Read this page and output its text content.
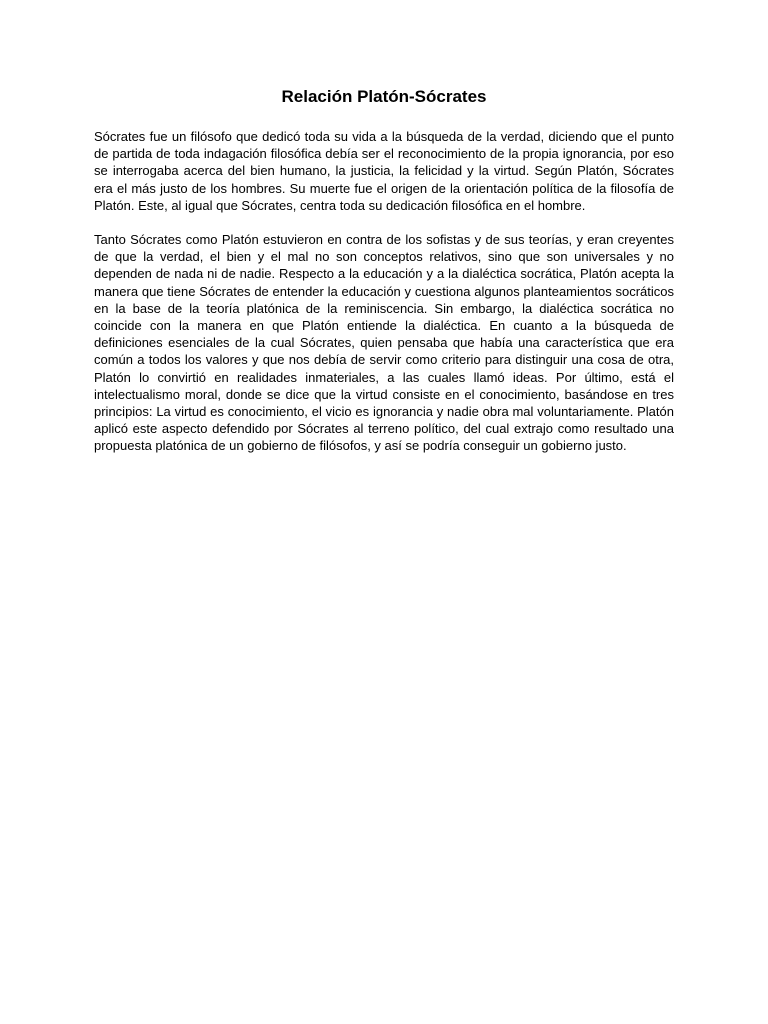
Relación Platón-Sócrates

Sócrates fue un filósofo que dedicó toda su vida a la búsqueda de la verdad, diciendo que el punto de partida de toda indagación filosófica debía ser el reconocimiento de la propia ignorancia, por eso se interrogaba acerca del bien humano, la justicia, la felicidad y la virtud. Según Platón, Sócrates era el más justo de los hombres. Su muerte fue el origen de la orientación política de la filosofía de Platón. Este, al igual que Sócrates, centra toda su dedicación filosófica en el hombre.

Tanto Sócrates como Platón estuvieron en contra de los sofistas y de sus teorías, y eran creyentes de que la verdad, el bien y el mal no son conceptos relativos, sino que son universales y no dependen de nada ni de nadie. Respecto a la educación y a la dialéctica socrática, Platón acepta la manera que tiene Sócrates de entender la educación y cuestiona algunos planteamientos socráticos en la base de la teoría platónica de la reminiscencia. Sin embargo, la dialéctica socrática no coincide con la manera en que Platón entiende la dialéctica. En cuanto a la búsqueda de definiciones esenciales de la cual Sócrates, quien pensaba que había una característica que era común a todos los valores y que nos debía de servir como criterio para distinguir una cosa de otra, Platón lo convirtió en realidades inmateriales, a las cuales llamó ideas. Por último, está el intelectualismo moral, donde se dice que la virtud consiste en el conocimiento, basándose en tres principios: La virtud es conocimiento, el vicio es ignorancia y nadie obra mal voluntariamente. Platón aplicó este aspecto defendido por Sócrates al terreno político, del cual extrajo como resultado una propuesta platónica de un gobierno de filósofos, y así se podría conseguir un gobierno justo.
